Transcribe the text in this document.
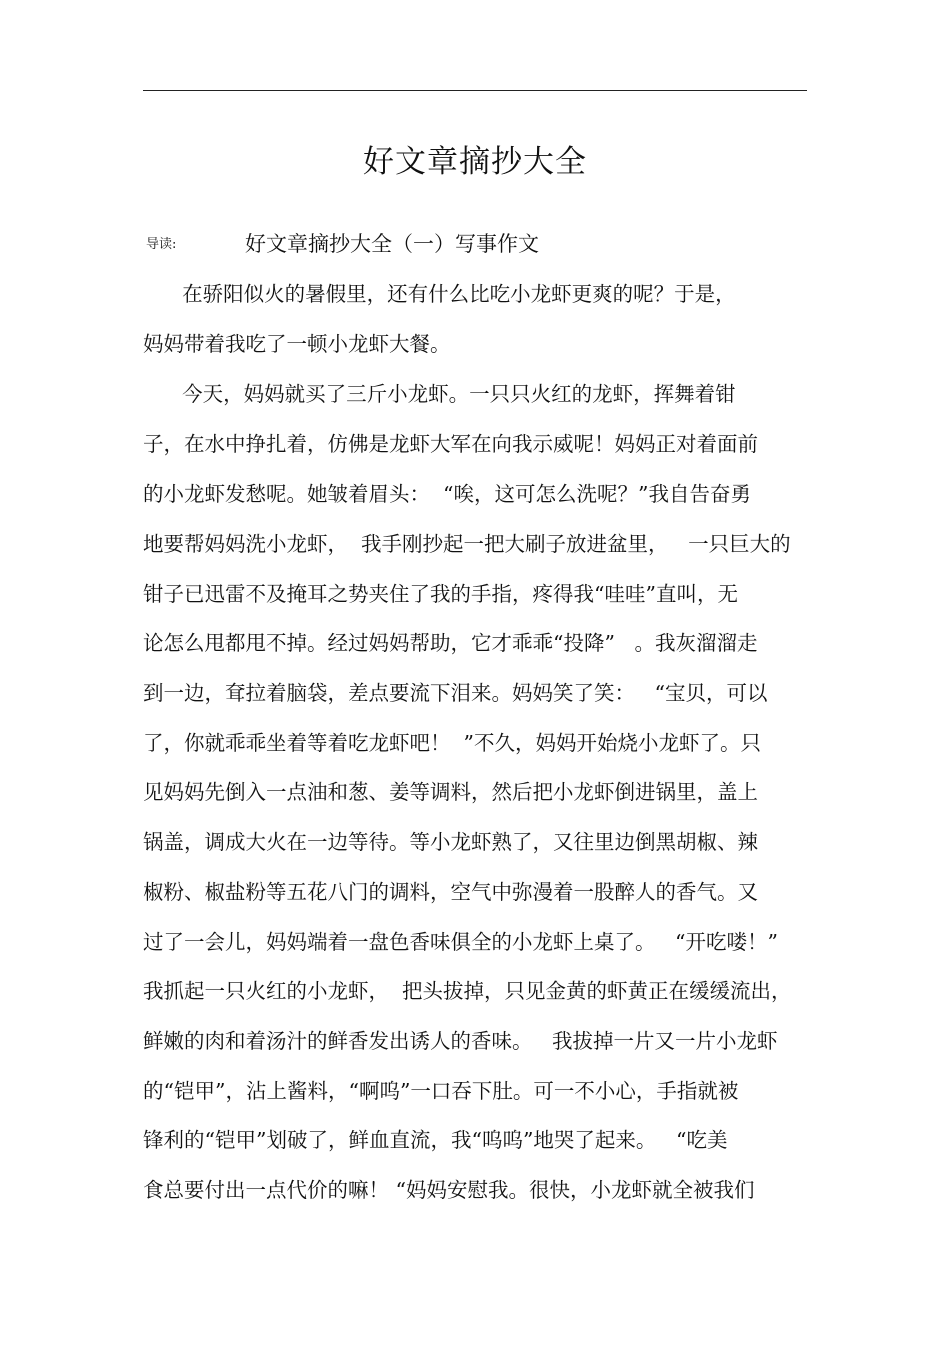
好文章摘抄大全
导读:	好文章摘抄大全（一）写事作文
在骄阳似火的暑假里，还有什么比吃小龙虾更爽的呢？于是，
妈妈带着我吃了一顿小龙虾大餐。
今天，妈妈就买了三斤小龙虾。一只只火红的龙虾，挥舞着钳
子，在水中挣扎着，仿佛是龙虾大军在向我示威呢！妈妈正对着面前
的小龙虾发愁呢。她皱着眉头：  “唉，这可怎么洗呢？”我自告奋勇
地要帮妈妈洗小龙虾，  我手刚抄起一把大刷子放进盆里，   一只巨大的
钳子已迅雷不及掩耳之势夹住了我的手指，疼得我“哇哇”直叫，无
论怎么甩都甩不掉。经过妈妈帮助，它才乖乖“投降”   。我灰溜溜走
到一边，耷拉着脑袋，差点要流下泪来。妈妈笑了笑：   “宝贝，可以
了，你就乖乖坐着等着吃龙虾吧！  ”不久，妈妈开始烧小龙虾了。只
见妈妈先倒入一点油和葱、姜等调料，然后把小龙虾倒进锅里，盖上
锅盖，调成大火在一边等待。等小龙虾熟了，又往里边倒黑胡椒、辣
椒粉、椒盐粉等五花八门的调料，空气中弥漫着一股醉人的香气。又
过了一会儿，妈妈端着一盘色香味俱全的小龙虾上桌了。   “开吃喽！”
我抓起一只火红的小龙虾，  把头拔掉，只见金黄的虾黄正在缓缓流出，
鲜嫩的肉和着汤汁的鲜香发出诱人的香味。   我拔掉一片又一片小龙虾
的“铠甲”，沾上酱料，“啊呜”一口吞下肚。可一不小心，手指就被
锋利的“铠甲”划破了，鲜血直流，我“呜呜”地哭了起来。   “吃美
食总要付出一点代价的嘛！ “妈妈安慰我。很快，小龙虾就全被我们
